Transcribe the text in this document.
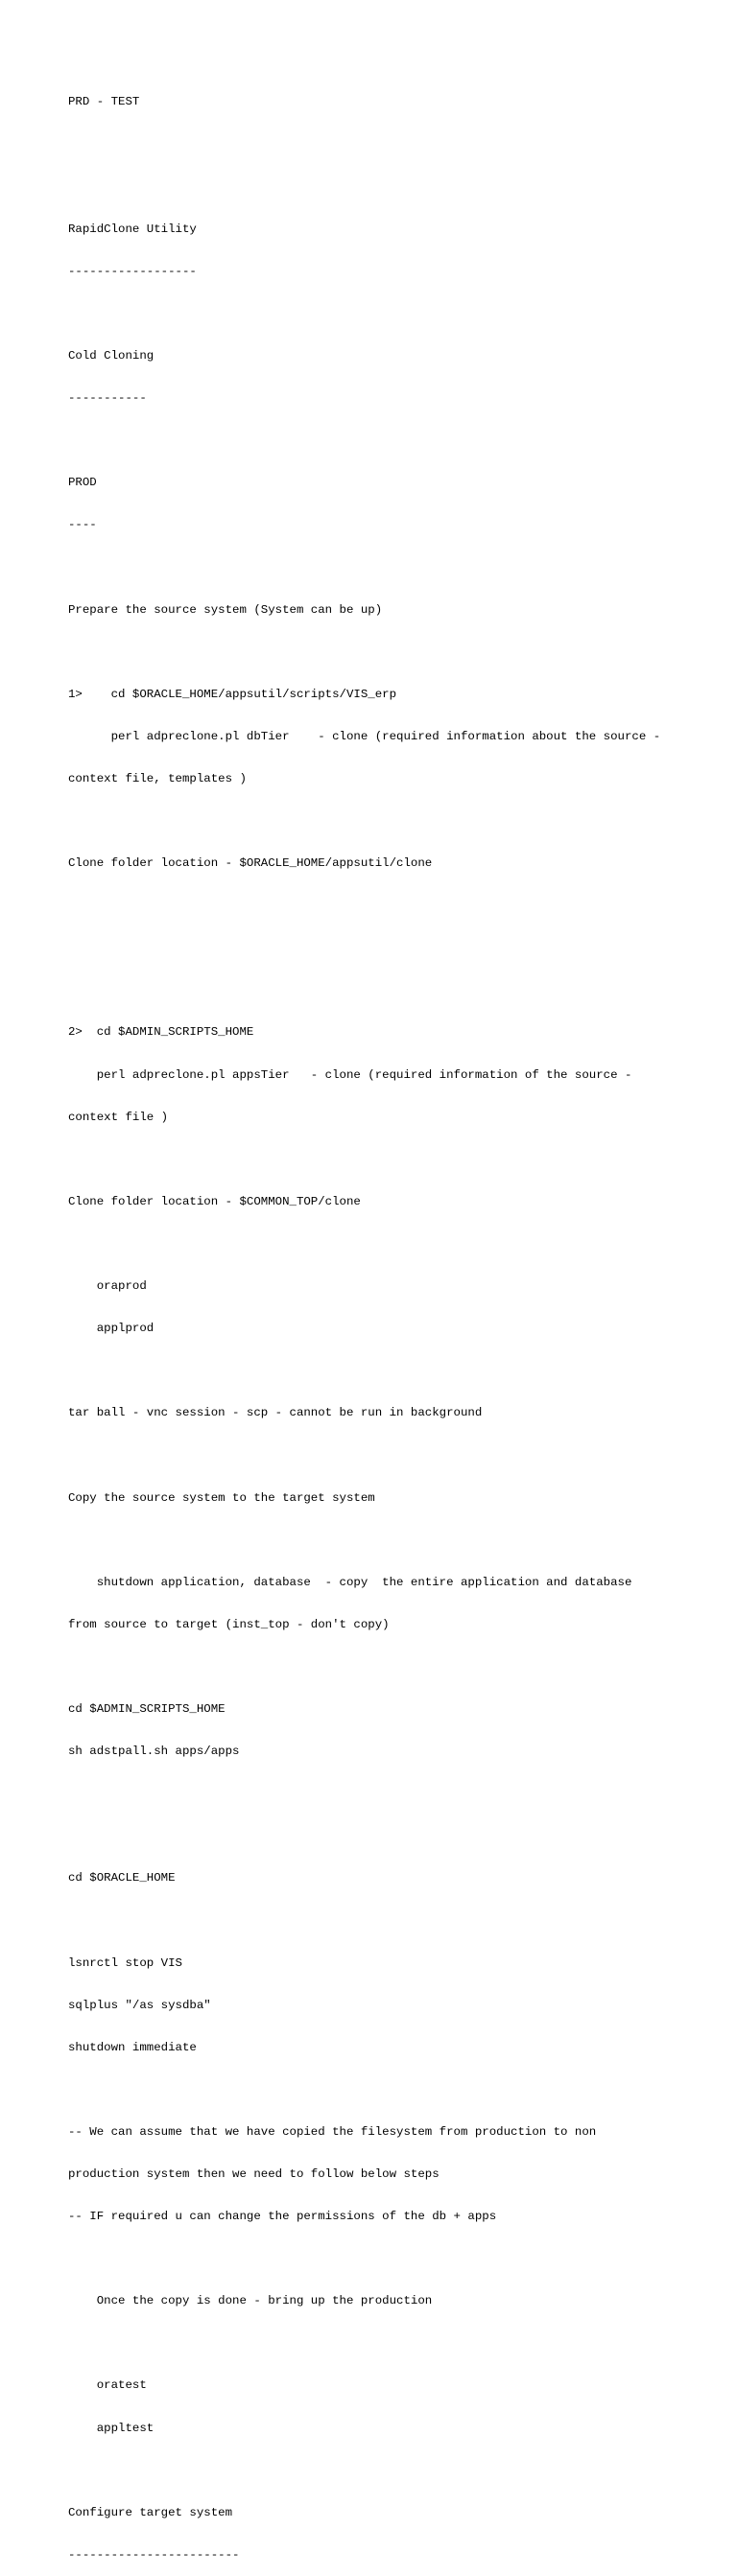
PRD - TEST

RapidClone Utility

------------------

Cold Cloning

-----------

PROD

----

Prepare the source system (System can be up)

1>    cd $ORACLE_HOME/appsutil/scripts/VIS_erp

perl adpreclone.pl dbTier    - clone (required information about the source -

context file, templates )

Clone folder location - $ORACLE_HOME/appsutil/clone

2>  cd $ADMIN_SCRIPTS_HOME

perl adpreclone.pl appsTier   - clone (required information of the source -

context file )

Clone folder location - $COMMON_TOP/clone

oraprod

applprod

tar ball - vnc session - scp - cannot be run in background

Copy the source system to the target system

shutdown application, database  - copy  the entire application and database

from source to target (inst_top - don't copy)

cd $ADMIN_SCRIPTS_HOME

sh adstpall.sh apps/apps

cd $ORACLE_HOME

lsnrctl stop VIS

sqlplus "/as sysdba"

shutdown immediate

-- We can assume that we have copied the filesystem from production to non

production system then we need to follow below steps

-- IF required u can change the permissions of the db + apps

Once the copy is done - bring up the production

oratest

appltest

Configure target system

------------------------
